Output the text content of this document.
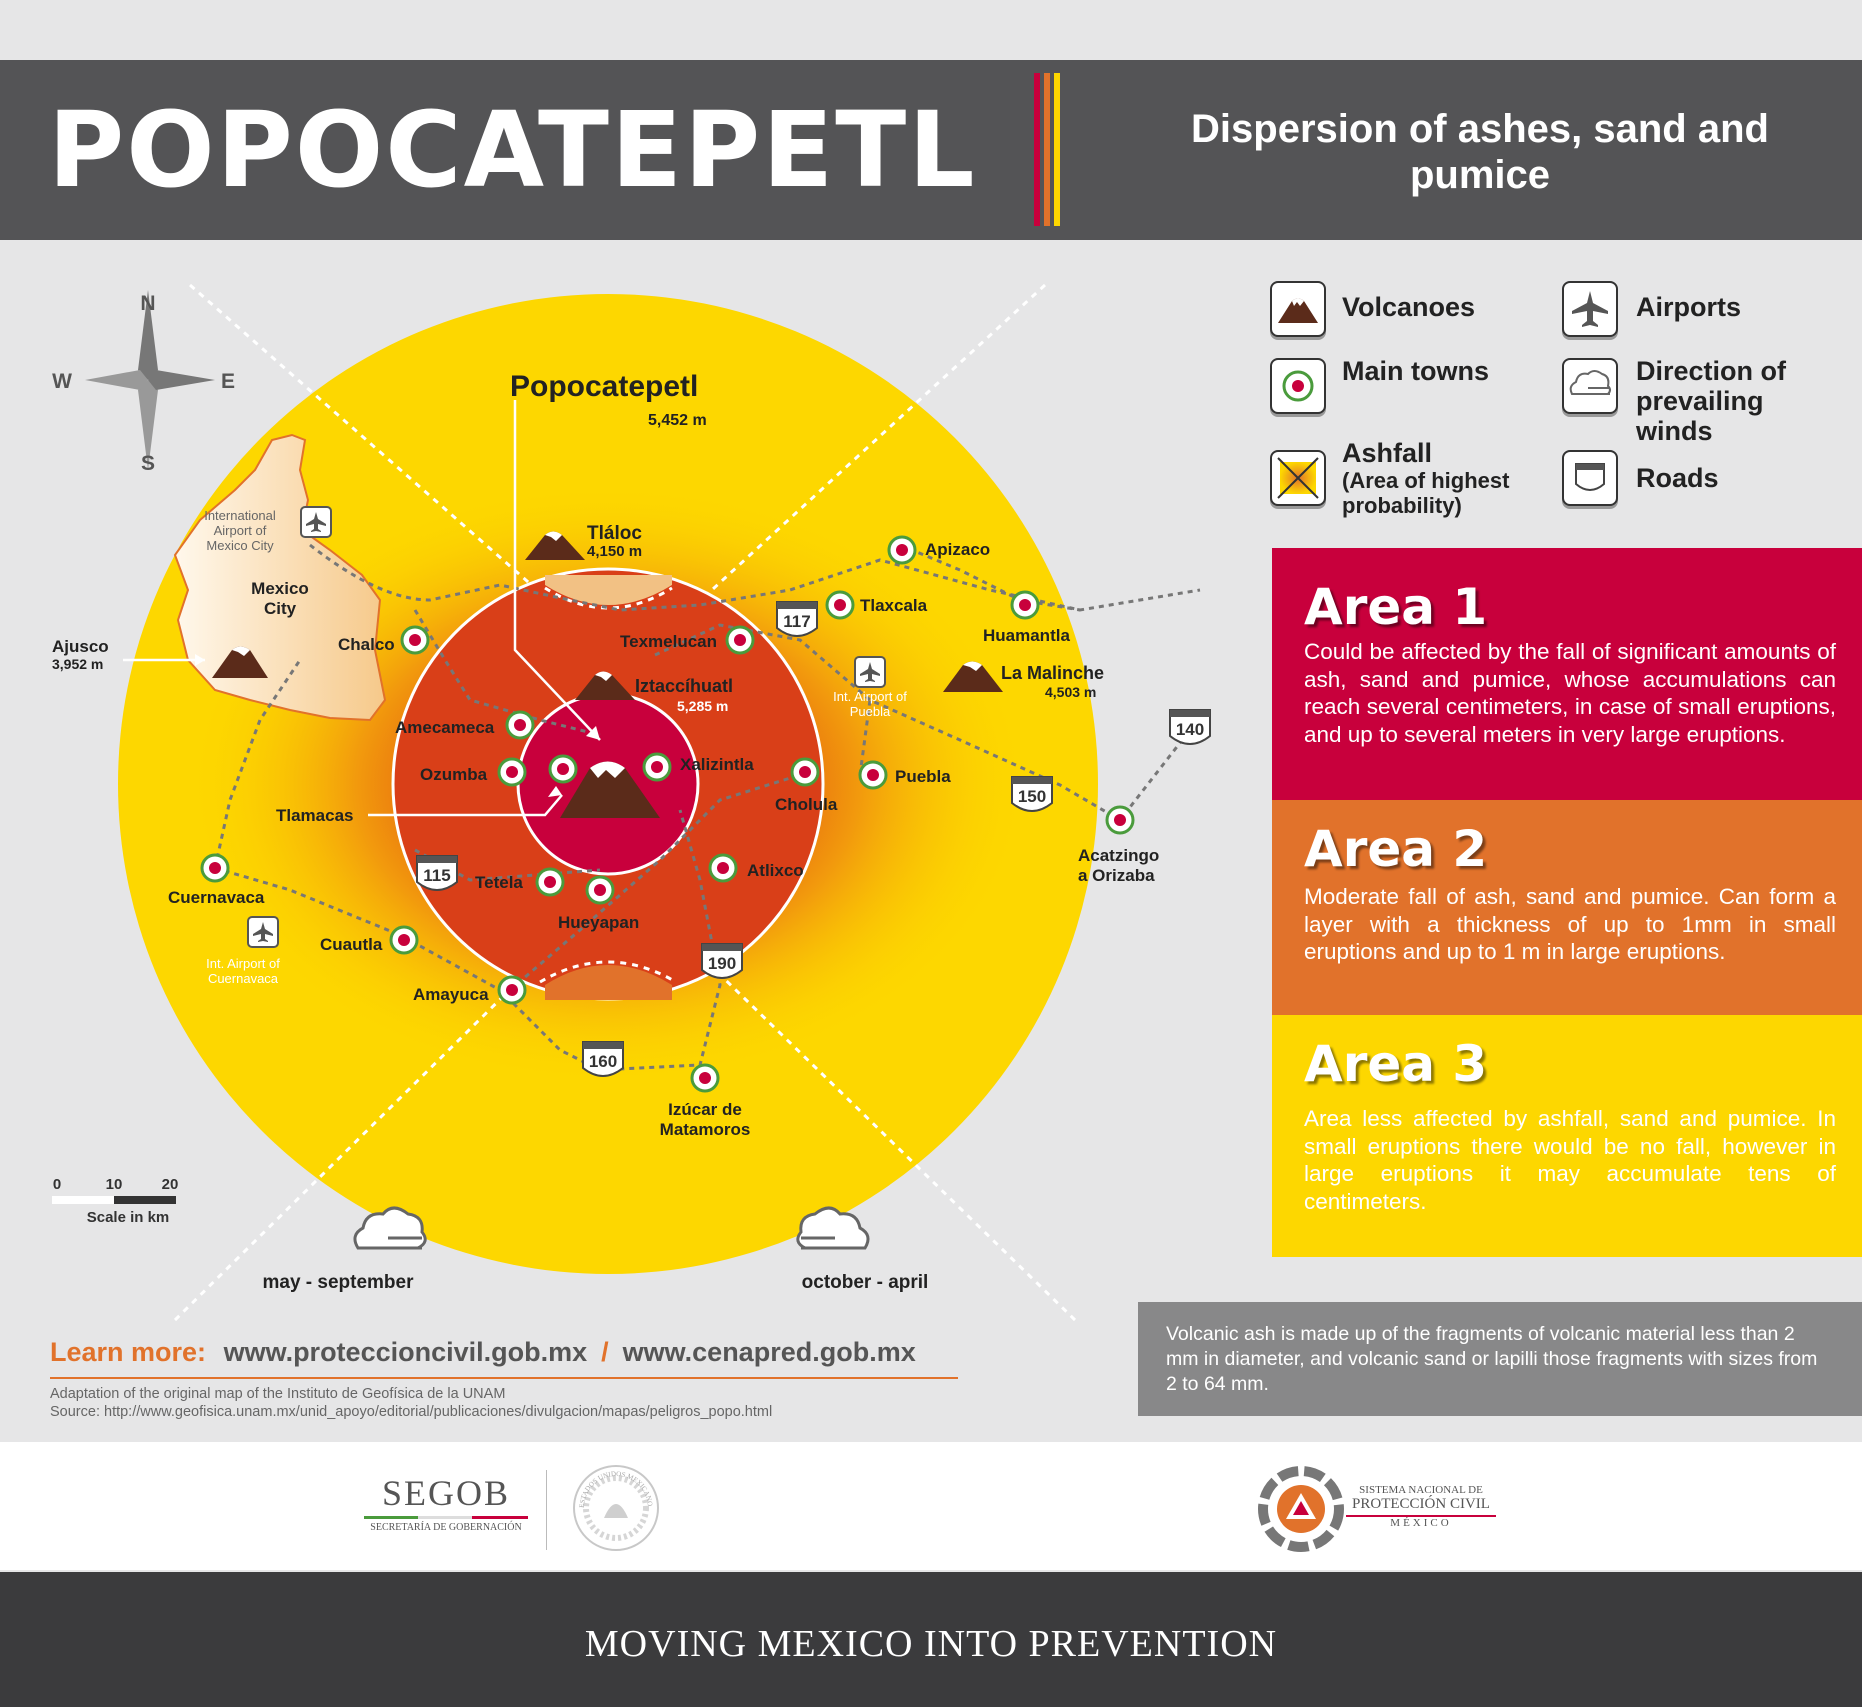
POPOCATEPETL	Dispersion of ashes, sand and pumice
117
140
150
115
190
160
N
S
W	E
0	10	20
Scale in km
Popocatepetl
5,452 m
Tláloc
4,150 m
Iztaccíhuatl
5,285 m
La Malinche
4,503 m
Ajusco
3,952 m
Chalco	Texmelucan
Tlaxcala
Apizaco
Huamantla
Amecameca
Ozumba
Xalizintla
Cholula
Puebla
Tlamacas
Tetela
Hueyapan
Atlixco
Cuernavaca
Cuautla
Amayuca
Izúcar de Matamoros
Acatzingo a Orizaba
Mexico City
International Airport of Mexico City
Int. Airport of Puebla
Int. Airport of Cuernavaca
may - september	october - april
Volcanoes
Main towns
Ashfall
(Area of highest probability)
Airports
Direction of prevailing winds
Roads
Area 1

Could be affected by the fall of significant amounts of ash, sand and pumice, whose accumulations can reach several centimeters, in case of small eruptions, and up to several meters in very large eruptions.

Area 2

Moderate fall of ash, sand and pumice. Can form a layer with a thickness of up to 1mm in small eruptions and up to 1 m in large eruptions.

Area 3

Area less affected by ashfall, sand and pumice. In small eruptions there would be no fall, however in large eruptions it may accumulate tens of centimeters.

Volcanic ash is made up of the fragments of volcanic material less than 2 mm in diameter, and volcanic sand or lapilli those fragments with sizes from 2 to 64 mm.
Learn more: www.proteccioncivil.gob.mx / www.cenapred.gob.mx
Adaptation of the original map of the Instituto de Geofísica de la UNAM
Source: http://www.geofisica.unam.mx/unid_apoyo/editorial/publicaciones/divulgacion/mapas/peligros_popo.html
SEGOB
SECRETARÍA DE GOBERNACIÓN
ESTADOS UNIDOS MEXICANO
SISTEMA NACIONAL DE
PROTECCIÓN CIVIL
MÉXICO
MOVING MEXICO INTO PREVENTION
